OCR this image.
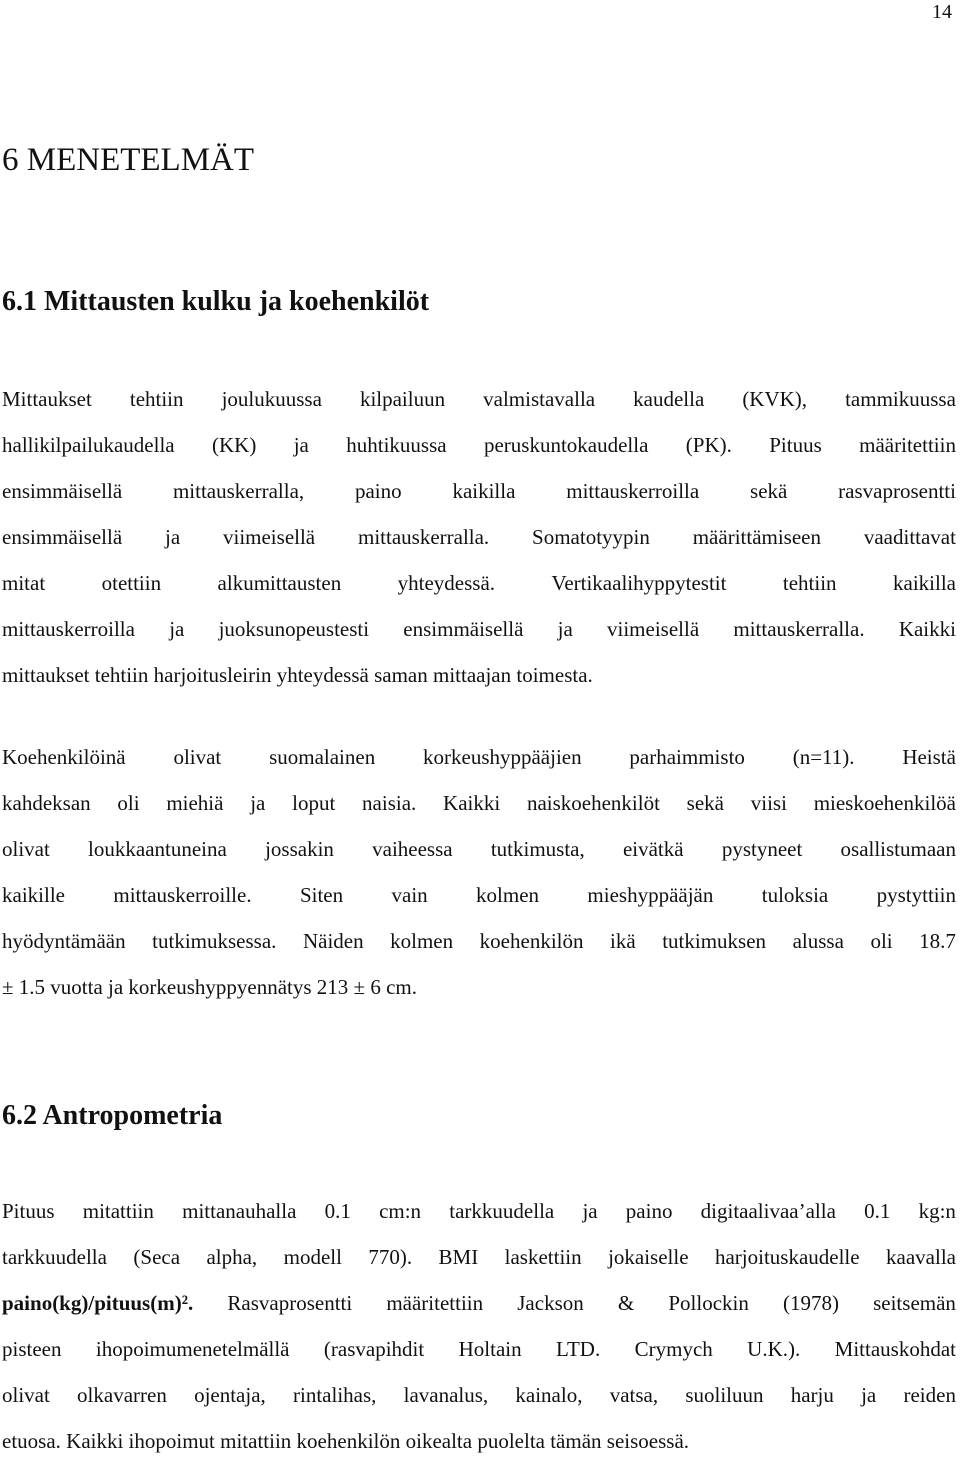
14
6 MENETELMÄT
6.1 Mittausten kulku ja koehenkilöt
Mittaukset tehtiin joulukuussa kilpailuun valmistavalla kaudella (KVK), tammikuussa
hallikilpailukaudella (KK) ja huhtikuussa peruskuntokaudella (PK). Pituus määritettiin
ensimmäisellä mittauskerralla, paino kaikilla mittauskerroilla sekä rasvaprosentti
ensimmäisellä ja viimeisellä mittauskerralla. Somatotyypin määrittämiseen vaadittavat
mitat	otettiin	alkumittausten	yhteydessä.	Vertikaalihyppytestit	tehtiin	kaikilla
mittauskerroilla ja juoksunopeustesti ensimmäisellä ja viimeisellä mittauskerralla. Kaikki
mittaukset tehtiin harjoitusleirin yhteydessä saman mittaajan toimesta.
Koehenkilöinä olivat suomalainen korkeushyppääjien parhaimmisto (n=11). Heistä
kahdeksan oli miehiä ja loput naisia. Kaikki naiskoehenkilöt sekä viisi mieskoehenkilöä
olivat loukkaantuneina jossakin vaiheessa tutkimusta, eivätkä pystyneet osallistumaan
kaikille mittauskerroille. Siten vain kolmen mieshyppääjän tuloksia pystyttiin
hyödyntämään tutkimuksessa. Näiden kolmen koehenkilön ikä tutkimuksen alussa oli 18.7
± 1.5 vuotta ja korkeushyppyennätys 213 ± 6 cm.
6.2 Antropometria
Pituus mitattiin mittanauhalla 0.1 cm:n tarkkuudella ja paino digitaalivaa’alla 0.1 kg:n
tarkkuudella (Seca alpha, modell 770). BMI laskettiin jokaiselle harjoituskaudelle kaavalla
paino(kg)/pituus(m)². Rasvaprosentti määritettiin Jackson & Pollockin (1978) seitsemän
pisteen ihopoimumenetelmällä (rasvapihdit Holtain LTD. Crymych U.K.). Mittauskohdat
olivat olkavarren ojentaja, rintalihas, lavanalus, kainalo, vatsa, suoliluun harju ja reiden
etuosa. Kaikki ihopoimut mitattiin koehenkilön oikealta puolelta tämän seisoessä.
